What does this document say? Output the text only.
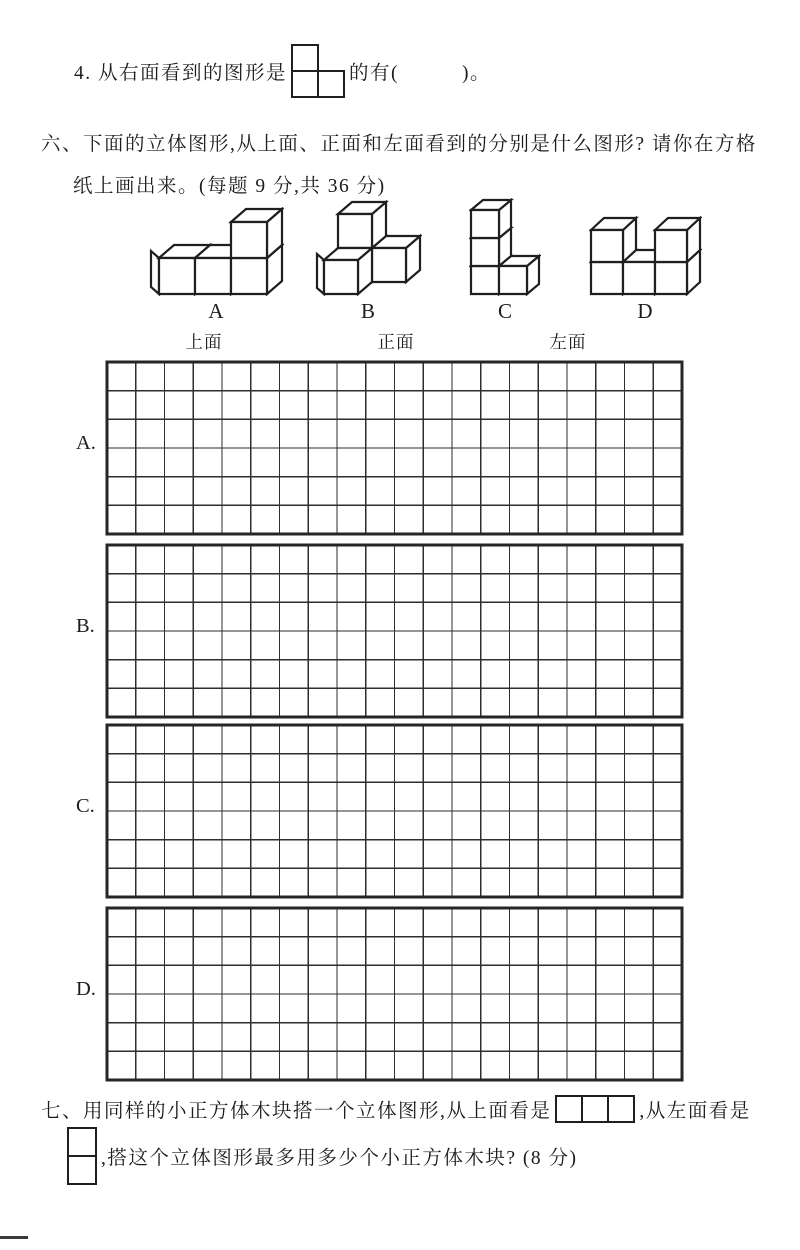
4. 从右面看到的图形是	的有(　　　)。
六、下面的立体图形,从上面、正面和左面看到的分别是什么图形? 请你在方格
纸上画出来。(每题 9 分,共 36 分)
A	B	C	D
上面	正面	左面
A.
B.
C.
D.
七、用同样的小正方体木块搭一个立体图形,从上面看是	,从左面看是
,搭这个立体图形最多用多少个小正方体木块? (8 分)
